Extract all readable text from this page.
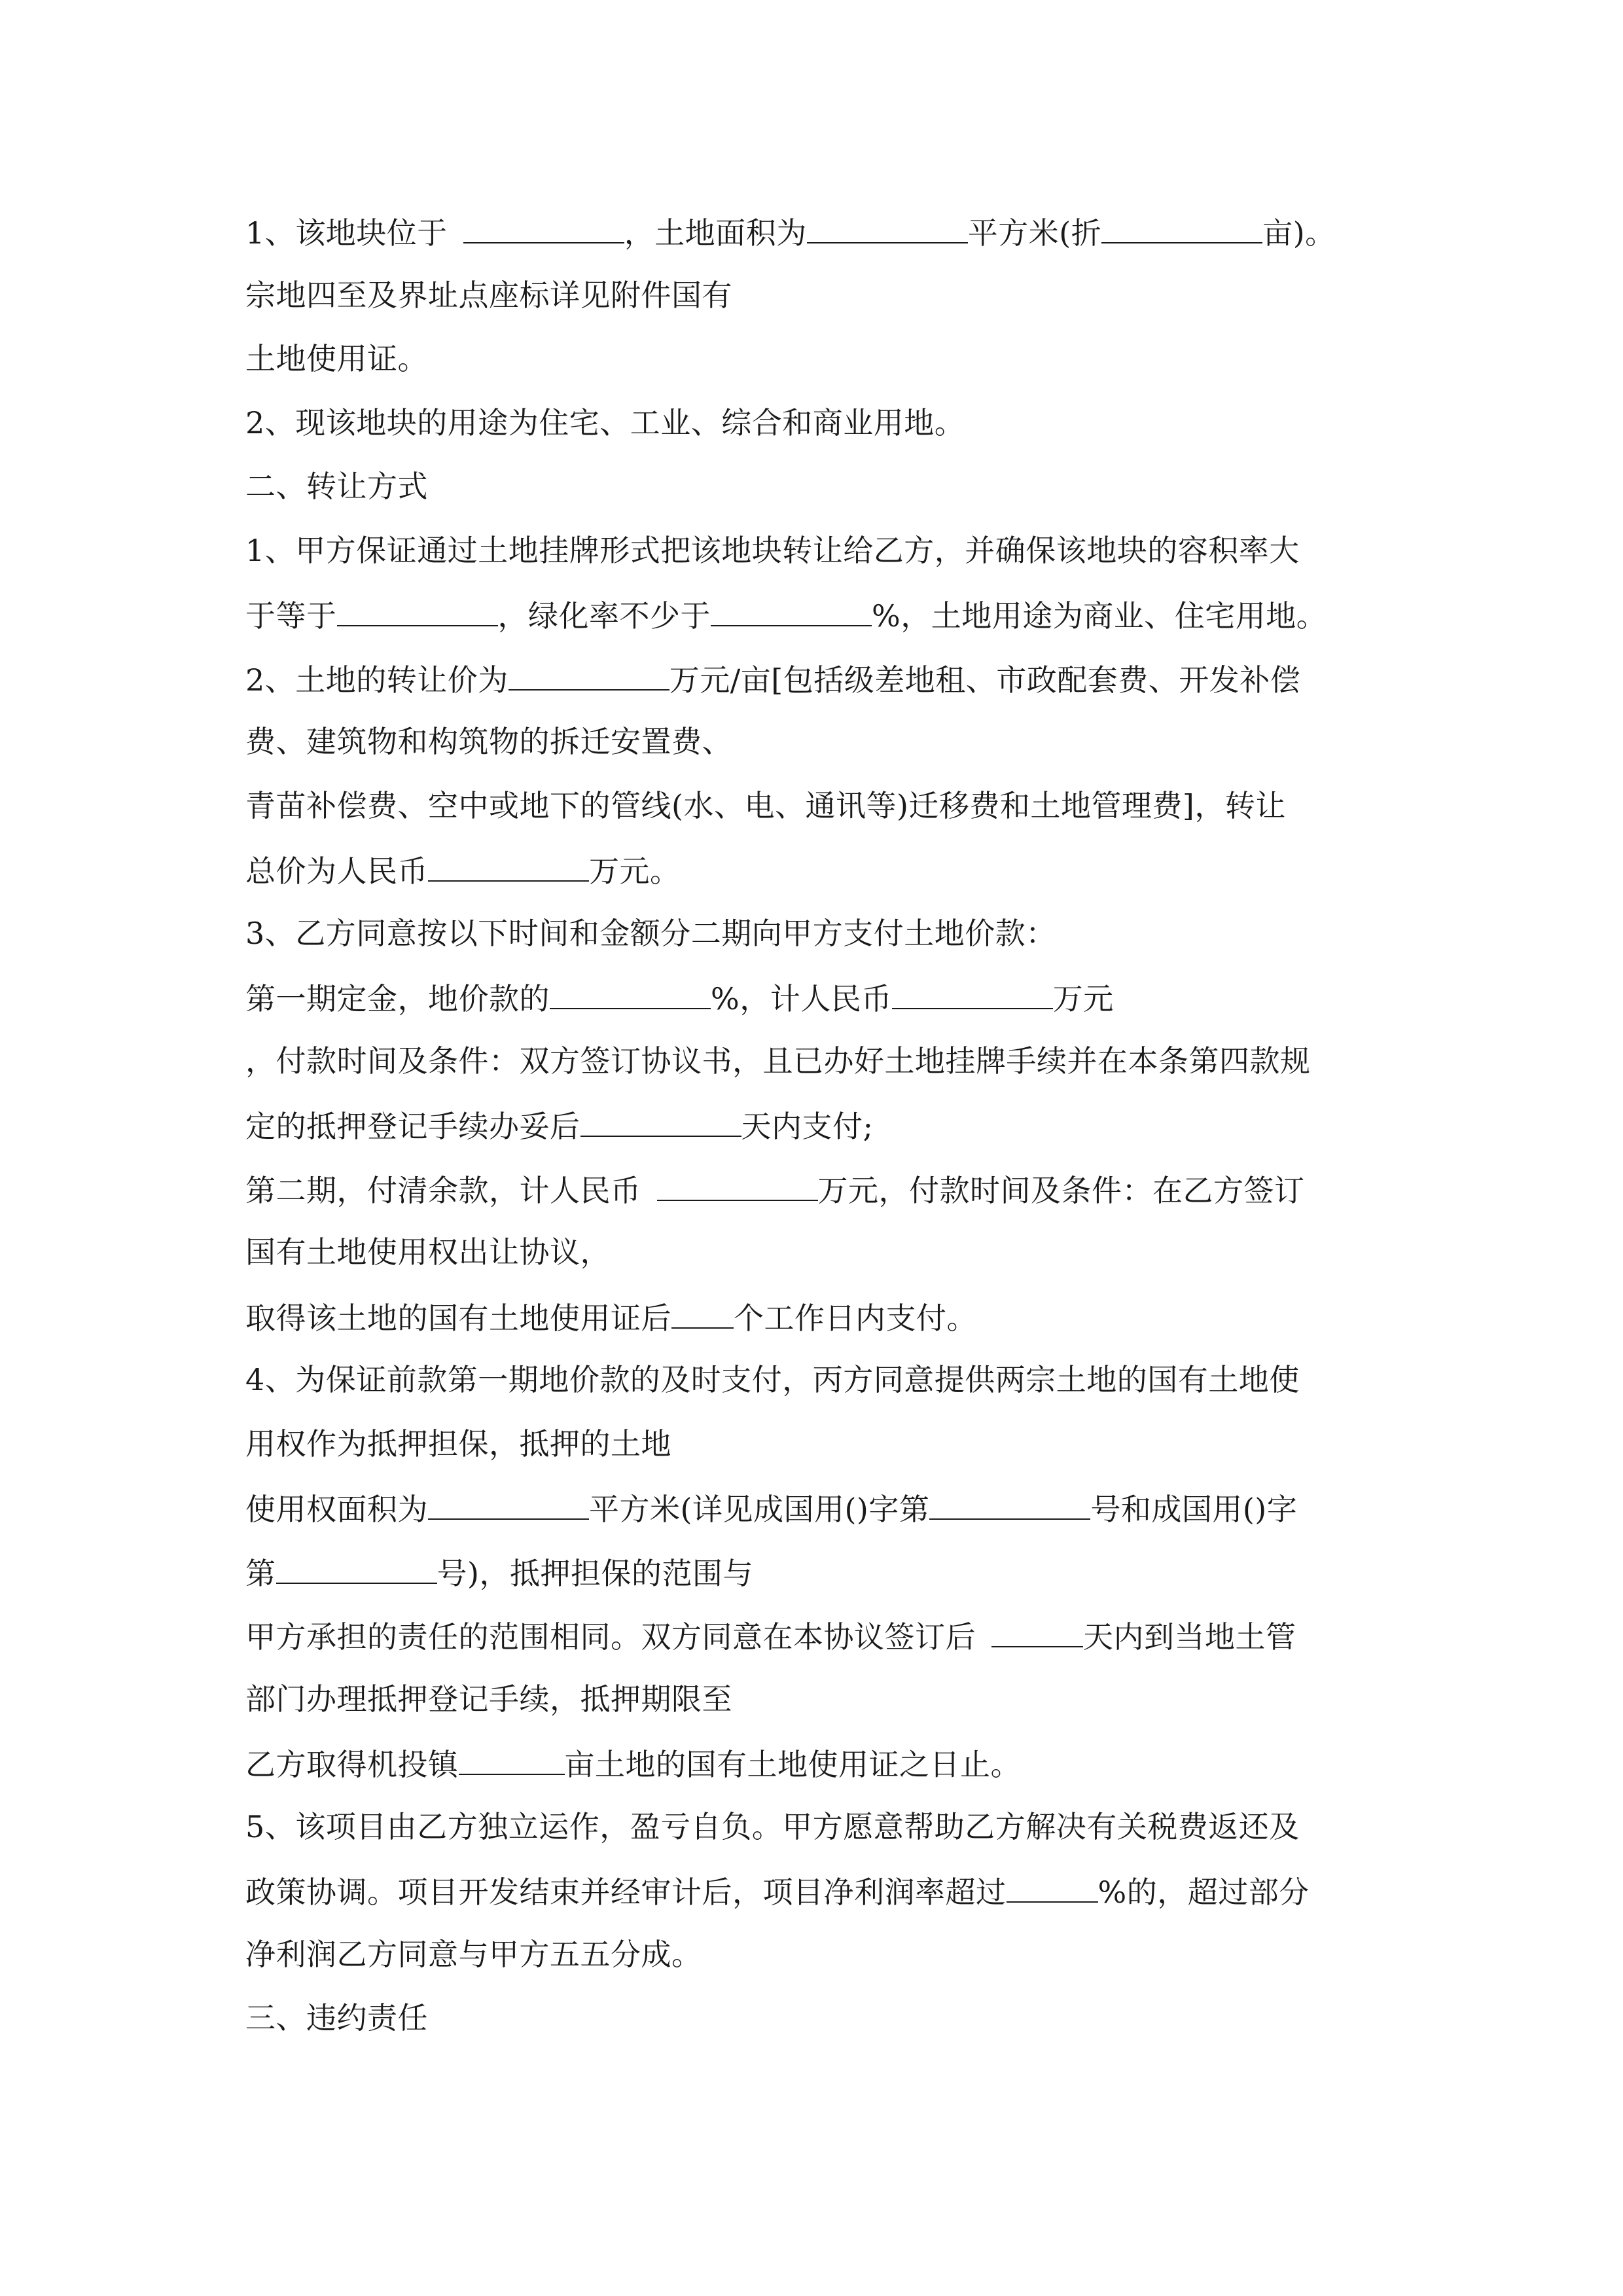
1、该地块位于	，土地面积为	平方米(折	亩)。
宗地四至及界址点座标详见附件国有
土地使用证。
2、现该地块的用途为住宅、工业、综合和商业用地。
二、转让方式
1、甲方保证通过土地挂牌形式把该地块转让给乙方，并确保该地块的容积率大
于等于	，绿化率不少于	%，土地用途为商业、住宅用地。
2、土地的转让价为	万元/亩[包括级差地租、市政配套费、开发补偿
费、建筑物和构筑物的拆迁安置费、
青苗补偿费、空中或地下的管线(水、电、通讯等)迁移费和土地管理费]，转让
总价为人民币	万元。
3、乙方同意按以下时间和金额分二期向甲方支付土地价款：
第一期定金，地价款的	%，计人民币	万元
，付款时间及条件：双方签订协议书，且已办好土地挂牌手续并在本条第四款规
定的抵押登记手续办妥后	天内支付;
第二期，付清余款，计人民币	万元，付款时间及条件：在乙方签订
国有土地使用权出让协议，
取得该土地的国有土地使用证后 个工作日内支付。
4、为保证前款第一期地价款的及时支付，丙方同意提供两宗土地的国有土地使
用权作为抵押担保，抵押的土地
使用权面积为	平方米(详见成国用()字第	号和成国用()字
第	号)，抵押担保的范围与
甲方承担的责任的范围相同。双方同意在本协议签订后	天内到当地土管
部门办理抵押登记手续，抵押期限至
乙方取得机投镇	亩土地的国有土地使用证之日止。
5、该项目由乙方独立运作，盈亏自负。甲方愿意帮助乙方解决有关税费返还及
政策协调。项目开发结束并经审计后，项目净利润率超过	%的，超过部分
净利润乙方同意与甲方五五分成。
三、违约责任
